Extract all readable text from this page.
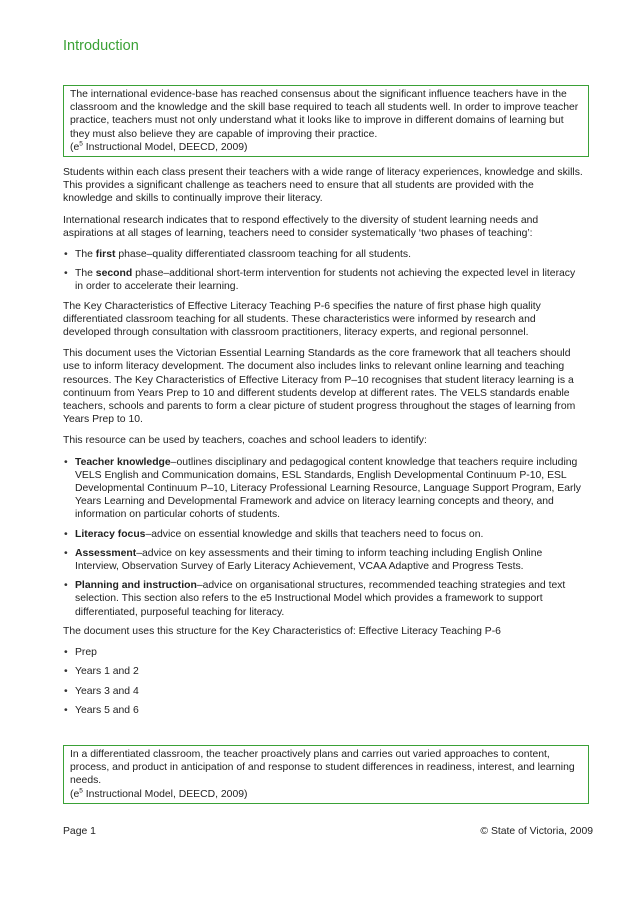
Introduction
The international evidence-base has reached consensus about the significant influence teachers have in the classroom and the knowledge and the skill base required to teach all students well. In order to improve teacher practice, teachers must not only understand what it looks like to improve in different domains of learning but they must also believe they are capable of improving their practice.
($e^5$ Instructional Model, DEECD, 2009)

Students within each class present their teachers with a wide range of literacy experiences, knowledge and skills. This provides a significant challenge as teachers need to ensure that all students are provided with the knowledge and skills to continually improve their literacy.

International research indicates that to respond effectively to the diversity of student learning needs and aspirations at all stages of learning, teachers need to consider systematically ‘two phases of teaching’:

• The first phase–quality differentiated classroom teaching for all students.
• The second phase–additional short-term intervention for students not achieving the expected level in literacy in order to accelerate their learning.

The Key Characteristics of Effective Literacy Teaching P-6 specifies the nature of first phase high quality differentiated classroom teaching for all students. These characteristics were informed by research and developed through consultation with classroom practitioners, literacy experts, and regional personnel.

This document uses the Victorian Essential Learning Standards as the core framework that all teachers should use to inform literacy development. The document also includes links to relevant online learning and teaching resources. The Key Characteristics of Effective Literacy from P–10 recognises that student literacy learning is a continuum from Years Prep to 10 and different students develop at different rates. The VELS standards enable teachers, schools and parents to form a clear picture of student progress throughout the stages of learning from Years Prep to 10.

This resource can be used by teachers, coaches and school leaders to identify:

• Teacher knowledge–outlines disciplinary and pedagogical content knowledge that teachers require including VELS English and Communication domains, ESL Standards, English Developmental Continuum P-10, ESL Developmental Continuum P–10, Literacy Professional Learning Resource, Language Support Program, Early Years Learning and Developmental Framework and advice on literacy learning concepts and theory, and information on particular cohorts of students.
• Literacy focus–advice on essential knowledge and skills that teachers need to focus on.
• Assessment–advice on key assessments and their timing to inform teaching including English Online Interview, Observation Survey of Early Literacy Achievement, VCAA Adaptive and Progress Tests.
• Planning and instruction–advice on organisational structures, recommended teaching strategies and text selection. This section also refers to the e5 Instructional Model which provides a framework to support differentiated, purposeful teaching for literacy.

The document uses this structure for the Key Characteristics of: Effective Literacy Teaching P-6

• Prep
• Years 1 and 2
• Years 3 and 4
• Years 5 and 6
In a differentiated classroom, the teacher proactively plans and carries out varied approaches to content, process, and product in anticipation of and response to student differences in readiness, interest, and learning needs.
($e^5$ Instructional Model, DEECD, 2009)
Page 1	© State of Victoria, 2009
